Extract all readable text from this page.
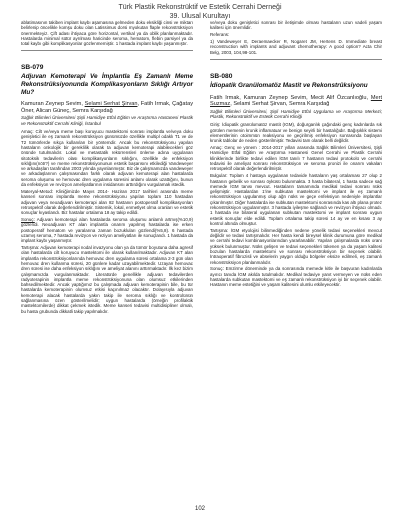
Türk Plastik Rekonstrüktif ve Estetik Cerrahi Derneği
39. Ulusal Kurultayı

ablatimasının takiben implant kaybı aşamasına gelmeden doku eksikliği cinsi ve miktarı belirlenip öncelikle komşu doku olan Latissimus dorsi myokutan flaple rekonstrüksiyon önermekteyiz. Çift adası ihtiyaca göre horizontal, vertikal ya da oblik planlanmaktadır. Hastalarda minimal sütür ayrılması haricinde seroma, hematom, flebin parsiyel ya da total kaybı gibi komplikasyonlar gözlenmemiştir. 1 hastada implant kaybı yaşanmıştır.

SB-079
Adjuvan Kemoterapi Ve İmplantla Eş Zamanlı Meme Rekonstrüksiyonunda Komplikasyonların Sıklığı Artıyor Mu?
Kamuran Zeynep Sevim, Selami Serhat Şirvan, Fatih Irmak, Çağatay Öner, Alican Güneç, Semra Karşıdağ
Sağlık Bilimleri Üniversitesi Şişli Hamidiye Etfal Eğitim ve Araştırma Hastanesi Plastik ve Rekonstrüktif Cerrahi Kliniği, İstanbul

Amaç: Cilt ve/veya meme başı koruyucu mastektomi sonrası implantla ve/veya doku genişletici ile eş zamanlı rekonstrüksiyon günümüzde özellikle multipl odaklı T1 ve de T2 tümörlerde sıkça kullanılan bir yöntemdir. Ancak bu rekonstrüksiyonu yapılan hastaların onkolojik bir gereklilik olarak ta adjuvan kemoterapi alabilecekleri göz önünde tutulmalıdır. Lokal ve metastatik rekürrensleri önleme adına uygulanan sitotoksik tedavilerin olası komplikasyonların sıklığını, özellikle de enfeksiyon sıklığını(nötr?) ve meme rekonstrüksiyonunun estetik başarısını etkilediği Vandeweyer ve arkadaşları tarafından 2003 yılında yayınlanmıştır. Biz de çalışmamızda vandeweyer ve arkadaşlarının çalışmasından farklı olarak adjuvan kemoterapi alan hastalarda seroma oluşumu ve hemovac dren uygulama süresini anlamı olarak uzattığını, bunun da enfeksiyon ve revizyon ameliyatlarının insidansını arttırdığını vurgulamak istedik.

Materyal-Metod: Kliniğimizde Mayıs 2014- Haziran 2017 tarihleri arasında meme kanseri sonrası implantla meme rekonstrüksiyonu yapılan toplam 110 hastadan adjuvan veya neoadjuvan kemoterapi alan 82 hastanın postoperatif komplikasyonları retrospektif olarak değerlendirilmiştir. Sistemik, lokal, enmetlyet olma oranları ve estetik sonuçlar kıyaslandı. Biz hastalar ortalama 18 ay takip edildi.

Sonuç: Adjuvan kemoterapi alan hastalarda seroma oluşumu anlamlı artmış(%10,9) gözlendi. Neoadjuvan KT alan implantla onarım yapılmış hastalarda ise erken postoperatif hematom ve yaralarına zaman bozukluları gözlendi(%5,8). 6 hastada uzamış seroma, 7 hastada revizyon ve reziyon ameliyatları ile sonuçlandı. 1 hastada da implant kaybı yaşanmıştır.

Tartışma: Adjuvan kemoterapi nodal invazyonu olan ya da tümör boyutuna daha agresif olan hastalarda cilt koruyucu mastektomi ile olarak kullanılmaktadır. Adjuvan KT alan implantla rekonstrüksiyonlarında hemovac dren uygulama süresi ortalama 2-3 gün olan hemovac dren kullanma süresi, 20 günlere kadar uzayabilmektedir. Uzayan hemovac dren süresi ise daha enfeksiyon sıklığını ve ameliyat alanını arttırmaktadır. İlk kez bizim çalışmamızda vurgulanmaktadır. Literatürde genellikle adjuvan tedavilerden radyoterapinin implantla meme rekonstrüksiyonuna olan olumsuz etkilerinden bahsedilmektedir. Ancak yaptığımız bu çalışmada adjuvan kemoterapinin bile, bu tür hastalarda kemoterapinin olumsuz etkisi kaçınılmaz olacaktır. Dolayısıyla adjuvan kemoterapi alacak hastalarda yakın takip ile seroma sıklığı ve kontrolünün sağlanmasına özen gösterilmelidir; uygun hastalarda (örneğin profilaktik mastektomilerde) dikkat çekmek istedik. Meme kanseri tedavisi multidisipliner olmalı, bu hasta grubunda dikkatli takip yapılmalıdır.

ve/veya doku genişletici sonrası bir iletişimde olması hastaların uzun vadeli yaşam kalitesi için önemlidir.

Referans:

1) Vandeweyer E, Deraemaecker R, Nogaret JM, Hertens D. Immediate breast reconstruction with implants and adjuvant chemotherapy: A good option? Acta Chir Belg, 2003, 104,98-101.

SB-080
İdiopatik Granülomatöz Mastit ve Rekonstrüksiyonu
Fatih Irmak, Kamuran Zeynep Sevim, Mecit Alif Özcanlıoğlu, Mert Suzmaz, Selami Serhat Şirvan, Semra Karşıdağ
Sağlık Bilimleri Üniversitesi, Şişli Hamidiye Etfal Uygulama ve Araştırma Merkezi; Plastik, Rekonstrüktif ve Estetik Cerrahi Kliniği

Giriş: İdiopatik granülomatöz mastit (IGM), doğurganlık çağındaki genç kadınlarda sık görülen memenin kronik inflamatuar ve benign seyirli bir hastalığıdır. Bağışıklık sistemi elementlerinin otoimmün reaksiyonu ve geçirilmiş enfeksiyon sonrasında başlayan kronik tablolar de neden gösterilmiştir. Tedavisi tam olarak belli değildir.

Amaç: Genç ve yönem : 2014-2017 yılları arasında Sağlık Bilimleri Üniversitesi, Şişli Hamidiye Etfal Eğitim ve Araştırma Hastanesi Genel Cerrahi ve Plastik Cerrahi kliniklerinde birlikte tedavi edilen İGM tanılı 7 hastanın tedavi protokolü ve cerrahi tedavisi ile ameliyat sonrası rekonstrüksiyon ve seroma pronizi ile onarım vakaları retrospektif olarak değerlendirilmiştir.

Bulgular: Toplam 4 hastaya uygulanan tedavide hastaların yaş ortalaması 27 olup 2 hastanın gebelik ve sonrası öyküsü bulunmakta. 3 hasta bilateral, 1 hasta sadece sağ memede İGM tanısı mevcut. Hastaların tamamında medikal tedavi sonrası nüks gelişmiştir. Hastalardan 1'ine subkutan mastektomi ve implant ile eş zamanlı rekonstrüksiyon uygulanmış olup ağrı nüks ve geçe enfeksiyon nedeniyle implantlar çıkarılmıştır. Diğer hastalarda ise subkutan mastektomi sonrasında kas altı plana protez rekonstrüksiyon uygulanmıştır. 3 hastada iyileşme sağlandı ve revizyon ihtiyacı olmadı. 1 hastada ise bilateral uygulanan subkutan mastektomi ve implant sonrası uygun estetik sonuçlar elde edildi. Toplam ortalama takip süresi 14 ay ve en kısası 3 ay kontrol altında olmuştur.

Tartışma: İGM etyolojisi bilinmediğinden nedene yönelik tedavi seçenekleri mevcut değildir ve tedavi tartışmalıdır. Her hasta kendi bireysel klinik durumuna göre medikal ve cerrahi tedavi kombinasyonlarından yararlanabilir. Yapılan çalışmalarda nüks oranı yüksek bulunmuştur. Nüks gelişen ve tedavi seçenekleri tükenen ya da yaşam kalitesi bozulan hastalarda mastektomi ve sonrası rekonstrüksiyon bir seçenek olabilir. İntraoperatif fibrozisli ve abselerin yaygın olduğu bölgeler eksize edilmeli, eş zamanlı rekonstrüksiyon planlanmalıdır.

Sonuç: Emzirme döneminde ya da sonrasında memede kitle ile başvuran kadınlarda ayırıcı tanıda İGM akılda tutulmalıdır. Medikal tedaviye yanıt vermeyen ve nüks eden hastalarda subkutan mastektomi ve eş zamanlı rekonstrüksiyon iyi bir seçenek olabilir. Hastanın meme estetiğini ve yaşam kalitesini olumlu etkileyecektir.

102
